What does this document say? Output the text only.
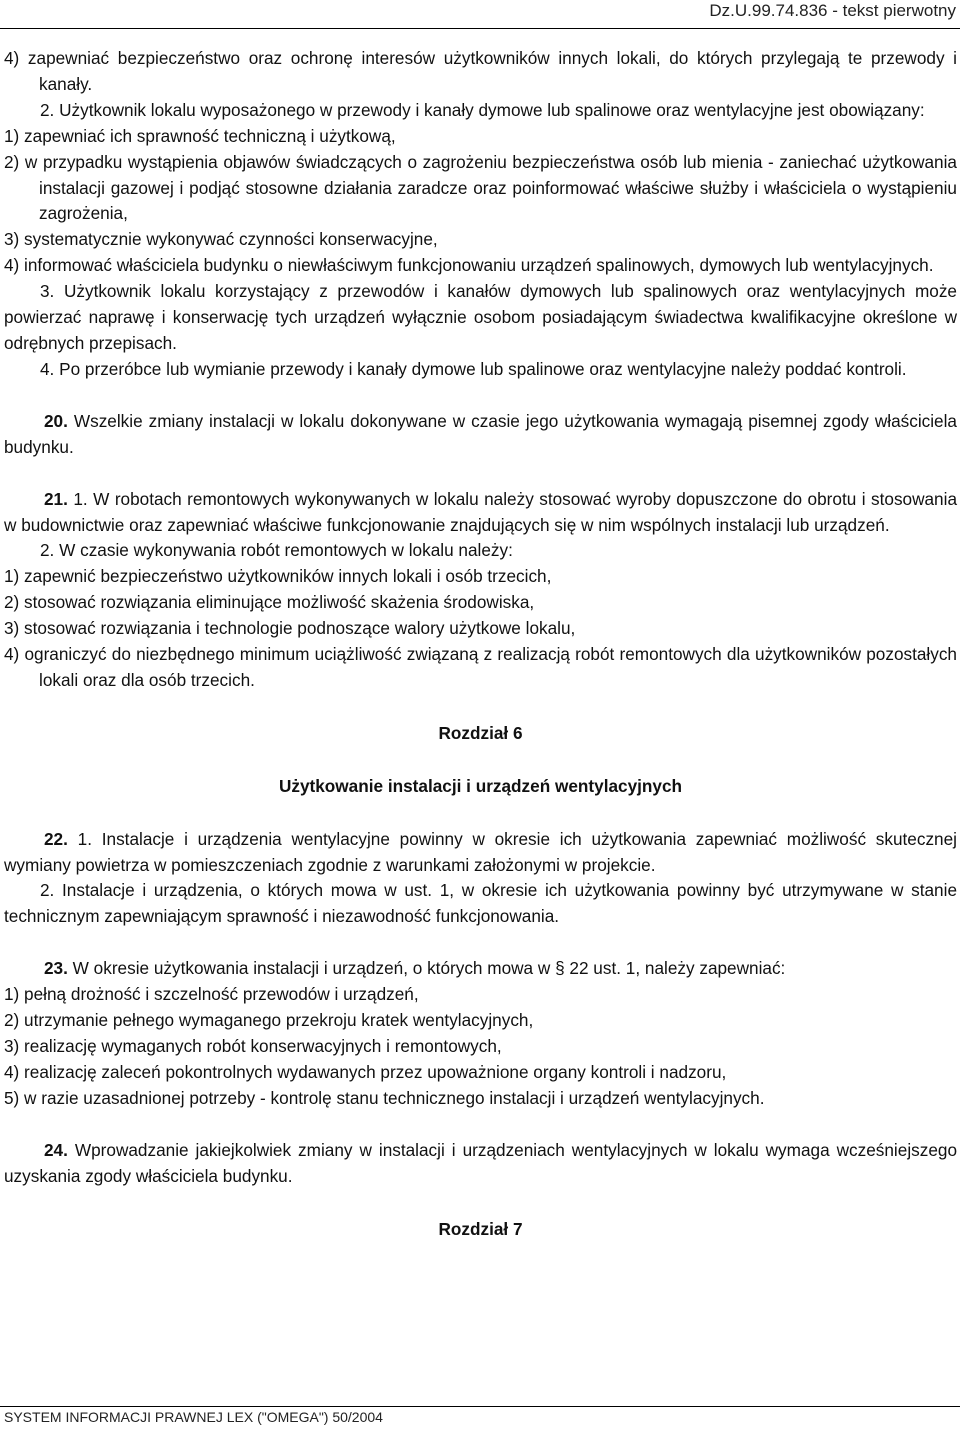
Dz.U.99.74.836 - tekst pierwotny

4) zapewniać bezpieczeństwo oraz ochronę interesów użytkowników innych lokali, do których przylegają te przewody i kanały.

2. Użytkownik lokalu wyposażonego w przewody i kanały dymowe lub spalinowe oraz wentylacyjne jest obowiązany:

1) zapewniać ich sprawność techniczną i użytkową,

2) w przypadku wystąpienia objawów świadczących o zagrożeniu bezpieczeństwa osób lub mienia - zaniechać użytkowania instalacji gazowej i podjąć stosowne działania zaradcze oraz poinformować właściwe służby i właściciela o wystąpieniu zagrożenia,

3) systematycznie wykonywać czynności konserwacyjne,

4) informować właściciela budynku o niewłaściwym funkcjonowaniu urządzeń spalinowych, dymowych lub wentylacyjnych.

3. Użytkownik lokalu korzystający z przewodów i kanałów dymowych lub spalinowych oraz wentylacyjnych może powierzać naprawę i konserwację tych urządzeń wyłącznie osobom posiadającym świadectwa kwalifikacyjne określone w odrębnych przepisach.

4. Po przeróbce lub wymianie przewody i kanały dymowe lub spalinowe oraz wentylacyjne należy poddać kontroli.

20. Wszelkie zmiany instalacji w lokalu dokonywane w czasie jego użytkowania wymagają pisemnej zgody właściciela budynku.

21. 1. W robotach remontowych wykonywanych w lokalu należy stosować wyroby dopuszczone do obrotu i stosowania w budownictwie oraz zapewniać właściwe funkcjonowanie znajdujących się w nim wspólnych instalacji lub urządzeń.

2. W czasie wykonywania robót remontowych w lokalu należy:

1) zapewnić bezpieczeństwo użytkowników innych lokali i osób trzecich,

2) stosować rozwiązania eliminujące możliwość skażenia środowiska,

3) stosować rozwiązania i technologie podnoszące walory użytkowe lokalu,

4) ograniczyć do niezbędnego minimum uciążliwość związaną z realizacją robót remontowych dla użytkowników pozostałych lokali oraz dla osób trzecich.

Rozdział 6

Użytkowanie instalacji i urządzeń wentylacyjnych

22. 1. Instalacje i urządzenia wentylacyjne powinny w okresie ich użytkowania zapewniać możliwość skutecznej wymiany powietrza w pomieszczeniach zgodnie z warunkami założonymi w projekcie.

2. Instalacje i urządzenia, o których mowa w ust. 1, w okresie ich użytkowania powinny być utrzymywane w stanie technicznym zapewniającym sprawność i niezawodność funkcjonowania.

23. W okresie użytkowania instalacji i urządzeń, o których mowa w § 22 ust. 1, należy zapewniać:

1) pełną drożność i szczelność przewodów i urządzeń,

2) utrzymanie pełnego wymaganego przekroju kratek wentylacyjnych,

3) realizację wymaganych robót konserwacyjnych i remontowych,

4) realizację zaleceń pokontrolnych wydawanych przez upoważnione organy kontroli i nadzoru,

5) w razie uzasadnionej potrzeby - kontrolę stanu technicznego instalacji i urządzeń wentylacyjnych.

24. Wprowadzanie jakiejkolwiek zmiany w instalacji i urządzeniach wentylacyjnych w lokalu wymaga wcześniejszego uzyskania zgody właściciela budynku.

Rozdział 7

SYSTEM INFORMACJI PRAWNEJ LEX ("OMEGA") 50/2004
